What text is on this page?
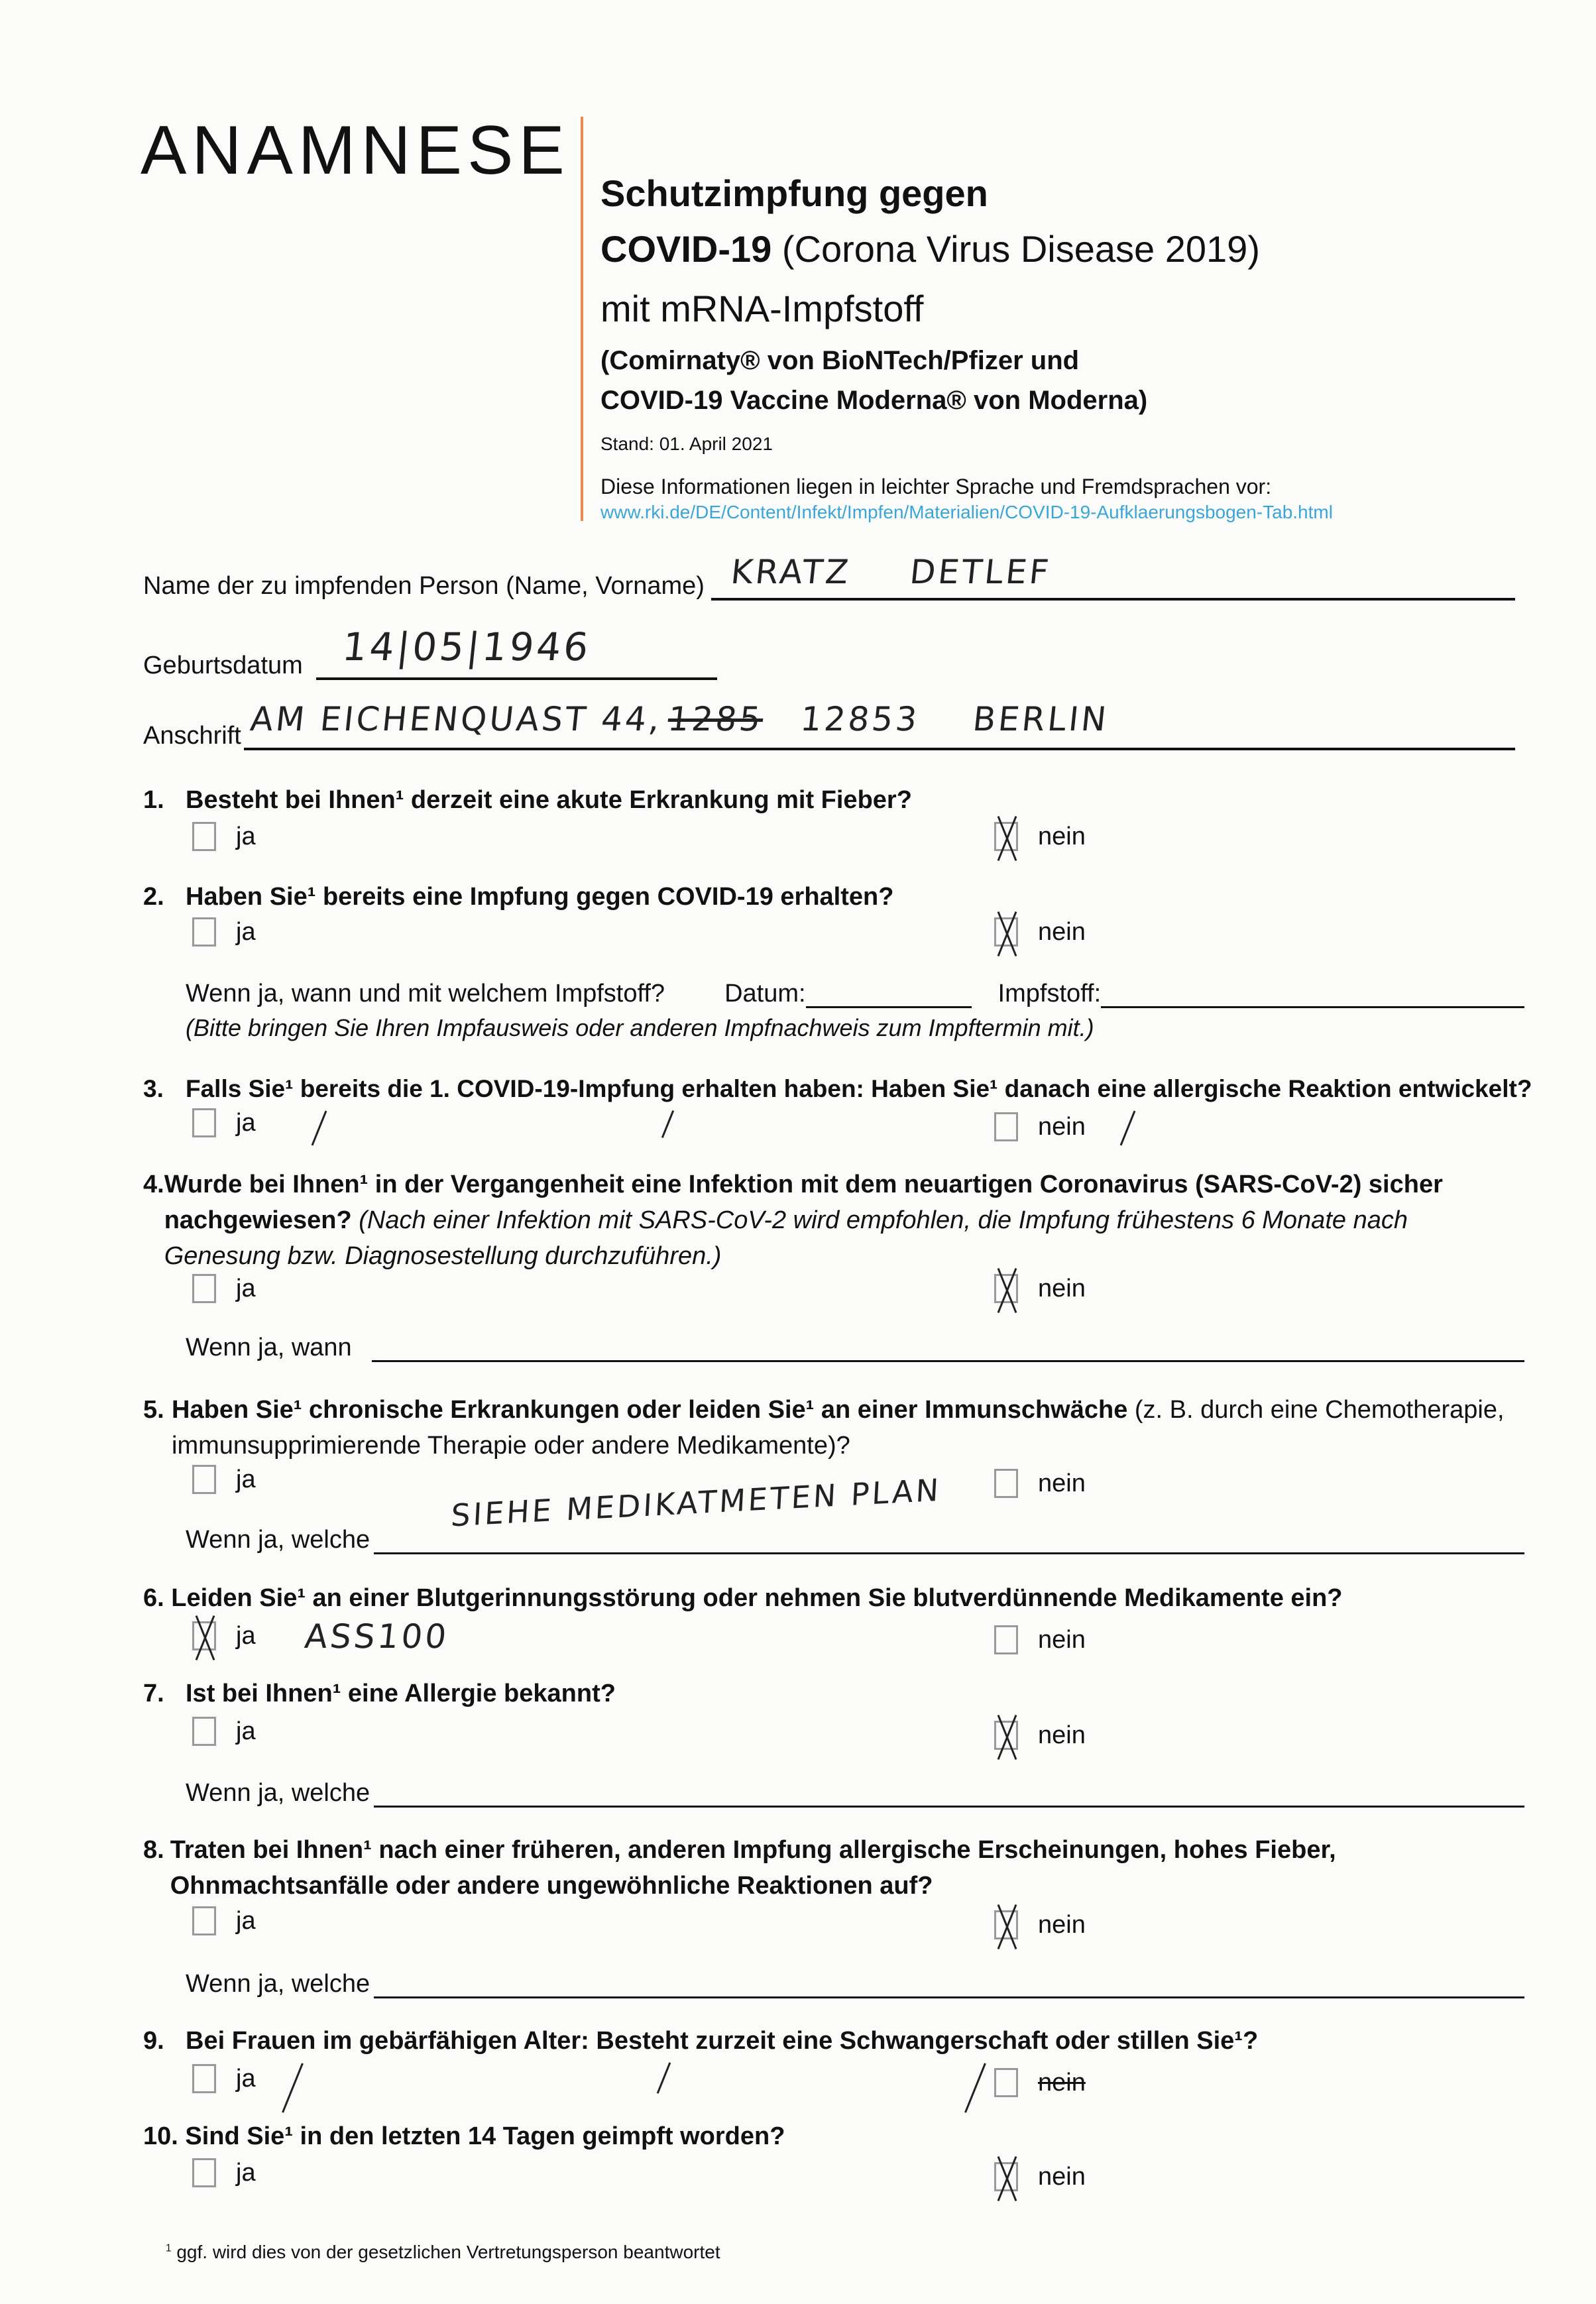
ANAMNESE
Schutzimpfung gegen
COVID-19 (Corona Virus Disease 2019)
mit mRNA-Impfstoff
(Comirnaty® von BioNTech/Pfizer und
COVID-19 Vaccine Moderna® von Moderna)
Stand: 01. April 2021
Diese Informationen liegen in leichter Sprache und Fremdsprachen vor:
www.rki.de/DE/Content/Infekt/Impfen/Materialien/COVID-19-Aufklaerungsbogen-Tab.html
Name der zu impfenden Person (Name, Vorname) KRATZ DETLEF
Geburtsdatum 14|05|1946
Anschrift AM EICHENQUAST 44, 1285 12853 BERLIN
1. Besteht bei Ihnen¹ derzeit eine akute Erkrankung mit Fieber?
ja	nein
2. Haben Sie¹ bereits eine Impfung gegen COVID-19 erhalten?
ja	nein
Wenn ja, wann und mit welchem Impfstoff? Datum:	Impfstoff:
(Bitte bringen Sie Ihren Impfausweis oder anderen Impfnachweis zum Impftermin mit.)
3. Falls Sie¹ bereits die 1. COVID-19-Impfung erhalten haben: Haben Sie¹ danach eine allergische Reaktion entwickelt?
ja	nein
4. Wurde bei Ihnen¹ in der Vergangenheit eine Infektion mit dem neuartigen Coronavirus (SARS-CoV-2) sicher nachgewiesen? (Nach einer Infektion mit SARS-CoV-2 wird empfohlen, die Impfung frühestens 6 Monate nach Genesung bzw. Diagnosestellung durchzuführen.)
ja	nein
Wenn ja, wann
5. Haben Sie¹ chronische Erkrankungen oder leiden Sie¹ an einer Immunschwäche (z. B. durch eine Chemotherapie, immunsupprimierende Therapie oder andere Medikamente)?
ja	nein
SIEHE MEDIKATMETEN PLAN
Wenn ja, welche
6. Leiden Sie¹ an einer Blutgerinnungsstörung oder nehmen Sie blutverdünnende Medikamente ein?
ja ASS100	nein
7. Ist bei Ihnen¹ eine Allergie bekannt?
ja	nein
Wenn ja, welche
8. Traten bei Ihnen¹ nach einer früheren, anderen Impfung allergische Erscheinungen, hohes Fieber, Ohnmachtsanfälle oder andere ungewöhnliche Reaktionen auf?
ja	nein
Wenn ja, welche
9. Bei Frauen im gebärfähigen Alter: Besteht zurzeit eine Schwangerschaft oder stillen Sie¹?
ja	nein
10. Sind Sie¹ in den letzten 14 Tagen geimpft worden?
ja	nein
$^1$ ggf. wird dies von der gesetzlichen Vertretungsperson beantwortet
